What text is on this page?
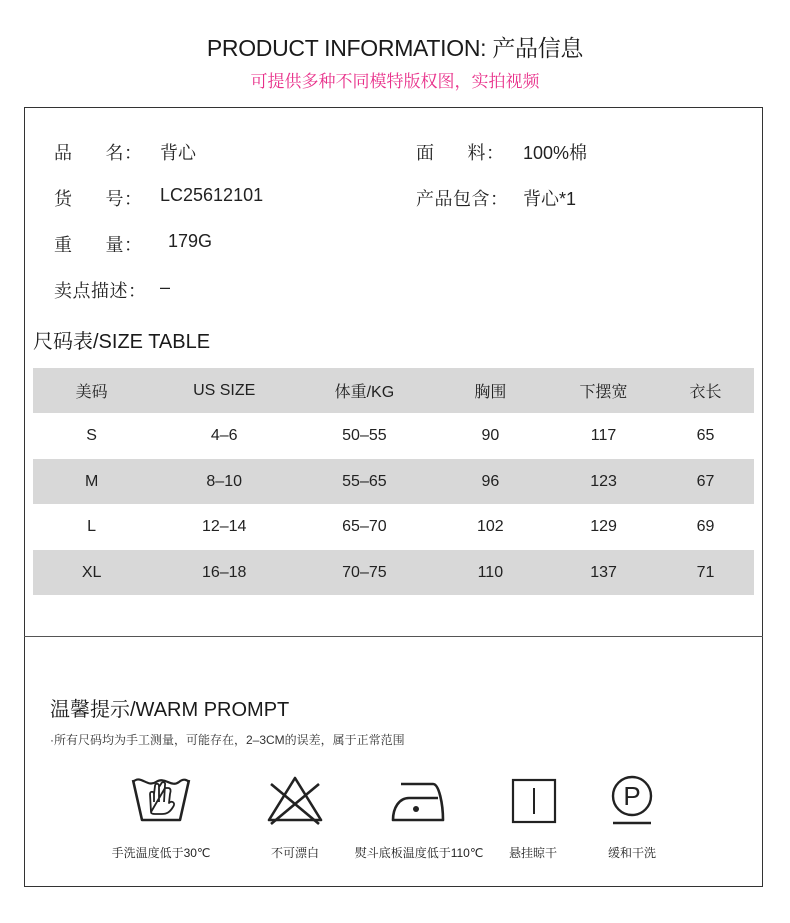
PRODUCT INFORMATION: 产品信息
可提供多种不同模特版权图，实拍视频
品      名： 背心	面      料： 100%棉
货      号： LC25612101	产品包含： 背心*1
重      量： 179G
卖点描述： –
尺码表/SIZE TABLE
美码	US SIZE	体重/KG	胸围	下摆宽	衣长
S	4–6	50–55	90	117	65
M	8–10	55–65	96	123	67
L	12–14	65–70	102	129	69
XL	16–18	70–75	110	137	71
温馨提示/WARM PROMPT
·所有尺码均为手工测量，可能存在，2–3CM的误差，属于正常范围
手洗温度低于30℃	不可漂白	熨斗底板温度低于110℃	悬挂晾干
P
缓和干洗
